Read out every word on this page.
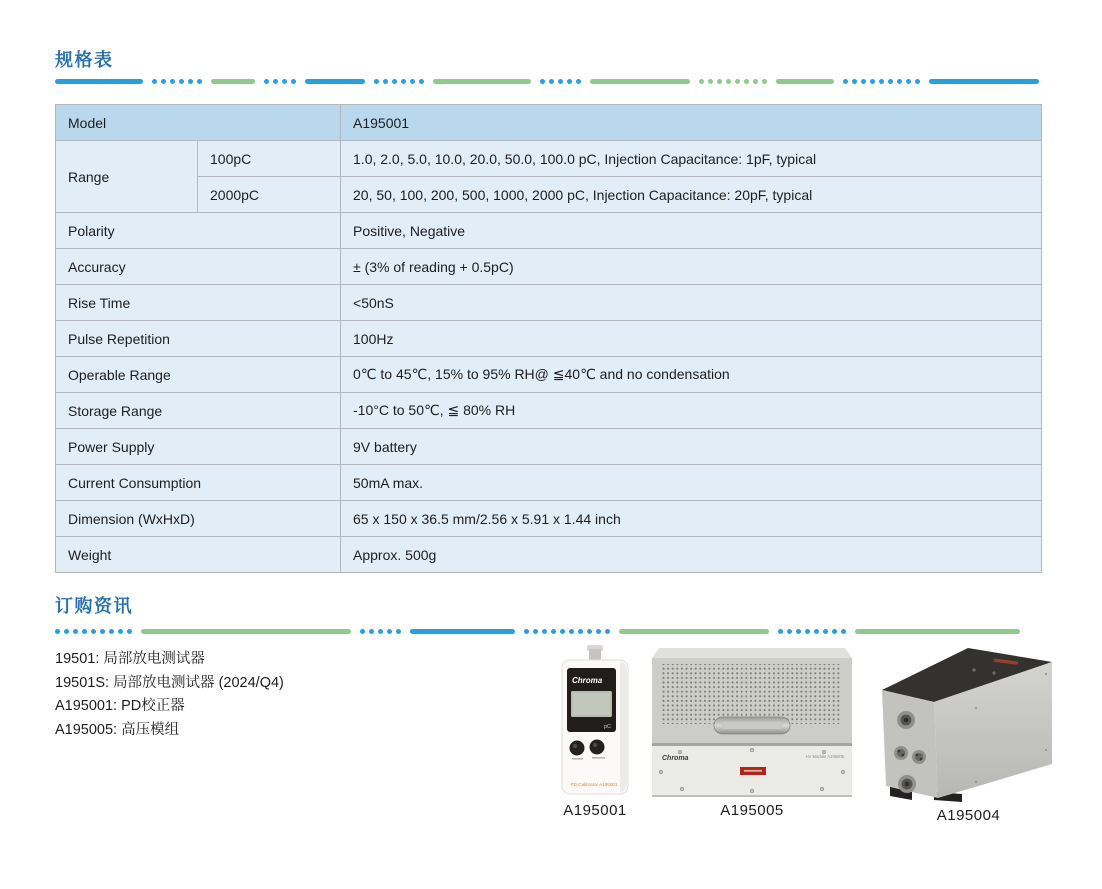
规格表
Model		A195001
Range	100pC	1.0, 2.0, 5.0, 10.0, 20.0, 50.0, 100.0 pC, Injection Capacitance: 1pF, typical
	2000pC	20, 50, 100, 200, 500, 1000, 2000 pC, Injection Capacitance: 20pF, typical
Polarity		Positive, Negative
Accuracy		± (3% of reading + 0.5pC)
Rise Time		<50nS
Pulse Repetition		100Hz
Operable Range		0℃ to 45℃, 15% to 95% RH@ ≦40℃ and no condensation
Storage Range		-10°C to 50℃, ≦ 80% RH
Power Supply		9V battery
Current Consumption		50mA max.
Dimension (WxHxD)		65 x 150 x 36.5 mm/2.56 x 5.91 x 1.44 inch
Weight		Approx. 500g
订购资讯
19501: 局部放电测试器
19501S: 局部放电测试器 (2024/Q4)
A195001: PD校正器
A195005: 高压模组
Chroma
pC
PD Calibrator A195001
A195001
Chroma	HV Module A195005
A195005	A195004
